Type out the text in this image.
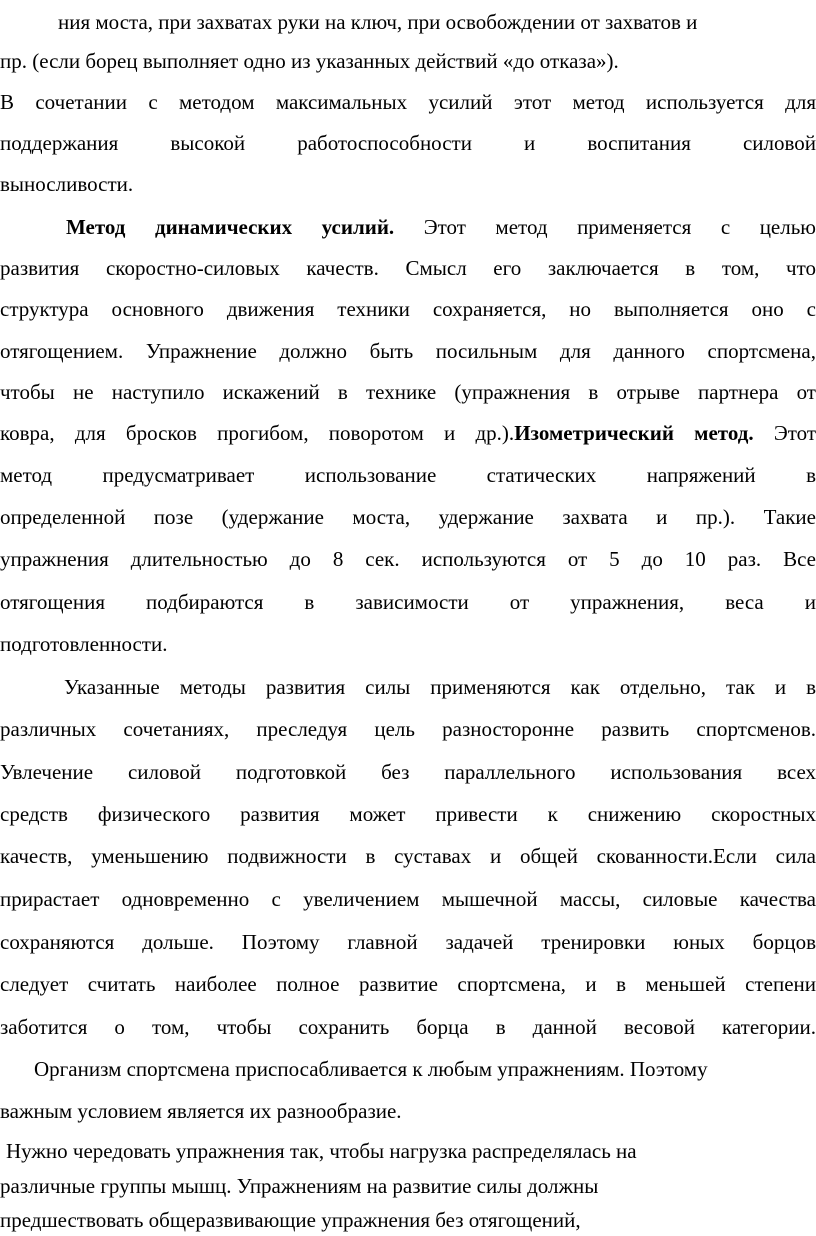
ния моста, при захватах руки на ключ, при освобождении от захватов и
пр. (если борец выполняет одно из указанных действий «до отказа»).
В сочетании с методом максимальных усилий этот метод используется для
поддержания высокой работоспособности и воспитания силовой
выносливости.
Метод динамических усилий. Этот метод применяется с целью
развития скоростно-силовых качеств. Смысл его заключается в том, что
структура основного движения техники сохраняется, но выполняется оно с
отягощением. Упражнение должно быть посильным для данного спортсмена,
чтобы не наступило искажений в технике (упражнения в отрыве партнера от
ковра, для бросков прогибом, поворотом и др.).Изометрический метод. Этот
метод предусматривает использование статических напряжений в
определенной позе (удержание моста, удержание захвата и пр.). Такие
упражнения длительностью до 8 сек. используются от 5 до 10 раз. Все
отягощения подбираются в зависимости от упражнения, веса и
подготовленности.
Указанные методы развития силы применяются как отдельно, так и в
различных сочетаниях, преследуя цель разносторонне развить спортсменов.
Увлечение силовой подготовкой без параллельного использования всех
средств физического развития может привести к снижению скоростных
качеств, уменьшению подвижности в суставах и общей скованности.Если сила
прирастает одновременно с увеличением мышечной массы, силовые качества
сохраняются дольше. Поэтому главной задачей тренировки юных борцов
следует считать наиболее полное развитие спортсмена, и в меньшей степени
заботится о том, чтобы сохранить борца в данной весовой категории.
Организм спортсмена приспосабливается к любым упражнениям. Поэтому
важным условием является их разнообразие.
Нужно чередовать упражнения так, чтобы нагрузка распределялась на
различные группы мышц. Упражнениям на развитие силы должны
предшествовать общеразвивающие упражнения без отягощений,
